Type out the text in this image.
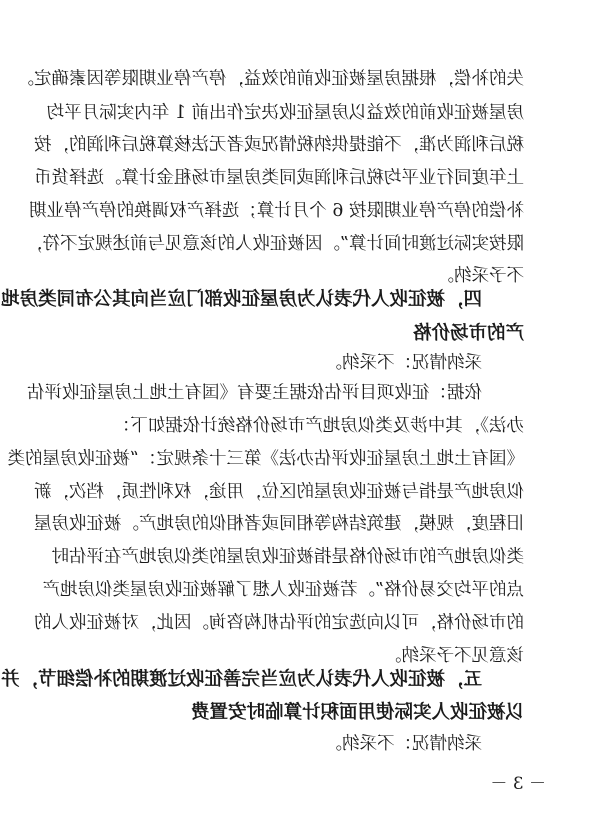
失的补偿，根据房屋被征收前的效益，停产停业期限等因素确定。
房屋被征收前的效益以房屋征收决定作出前 1 年内实际月平均
税后利润为准，不能提供纳税情况或者无法核算税后利润的，按
上年度同行业平均税后利润或同类房屋市场租金计算。选择货币
补偿的停产停业期限按 6 个月计算；选择产权调换的停产停业期
限按实际过渡时间计算”。因被征收人的该意见与前述规定不符，
不予采纳。
四，被征收人代表认为房屋征收部门应当向其公布同类房地
产的市场价格
采纳情况：不采纳。
依据：征收项目评估依据主要有《国有土地上房屋征收评估
办法》，其中涉及类似房地产市场价格统计依据如下：
《国有土地上房屋征收评估办法》第三十条规定：“被征收房屋的类
似房地产是指与被征收房屋的区位，用途，权利性质，档次，新
旧程度，规模，建筑结构等相同或者相似的房地产。被征收房屋
类似房地产的市场价格是指被征收房屋的类似房地产在评估时
点的平均交易价格”。若被征收人想了解被征收房屋类似房地产
的市场价格，可以向选定的评估机构咨询。因此，对被征收人的
该意见不予采纳。
五，被征收人代表认为应当完善征收过渡期的补偿细节，并
以被征收人实际使用面积计算临时安置费
采纳情况：不采纳。
－ 3 －
